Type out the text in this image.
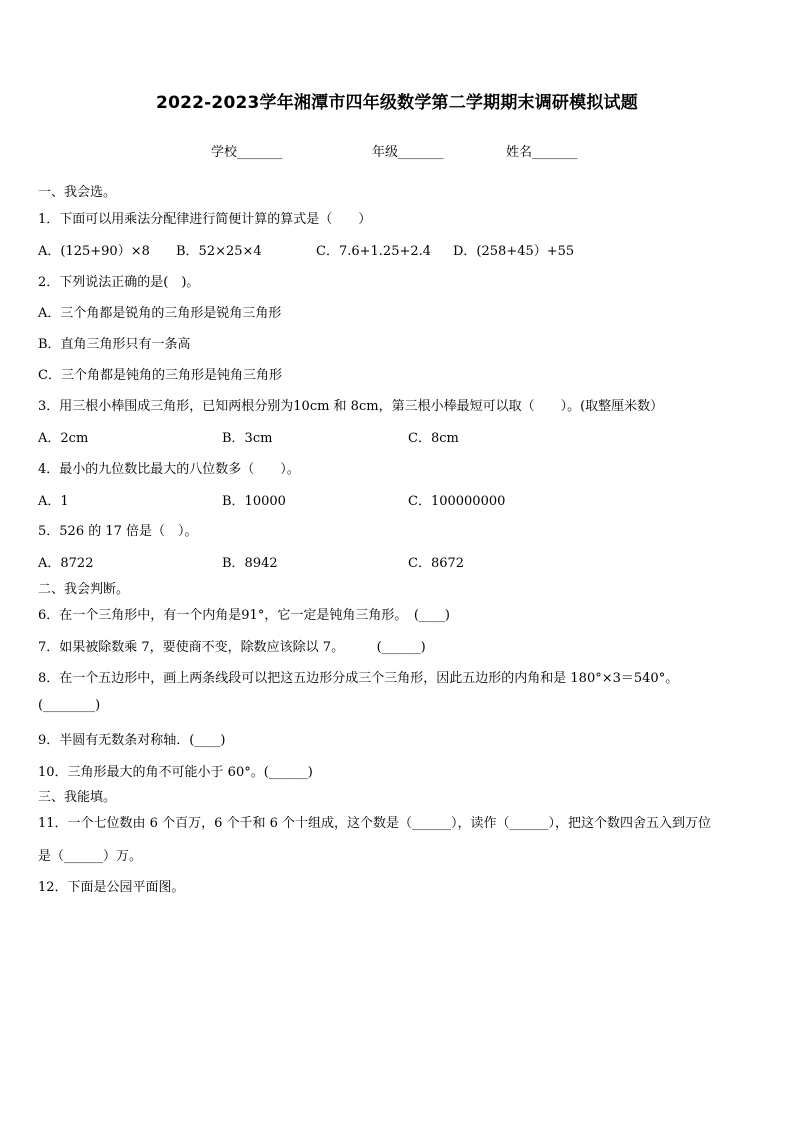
2022-2023学年湘潭市四年级数学第二学期期末调研模拟试题
学校_______	年级_______	姓名_______
一、我会选。
1．下面可以用乘法分配律进行简便计算的算式是（　　）
A．(125+90）×8 B．52×25×4	C．7.6+1.25+2.4 D．(258+45）+55
2．下列说法正确的是(　)。
A．三个角都是锐角的三角形是锐角三角形
B．直角三角形只有一条高
C．三个角都是钝角的三角形是钝角三角形
3．用三根小棒围成三角形，已知两根分别为10cm 和 8cm，第三根小棒最短可以取（　　）。(取整厘米数）
A．2cm	B．3cm	C．8cm
4．最小的九位数比最大的八位数多（　　）。
A．1	B．10000	C．100000000
5．526 的 17 倍是（　）。
A．8722	B．8942	C．8672
二、我会判断。
6．在一个三角形中，有一个内角是91°，它一定是钝角三角形。　(____)
7．如果被除数乘 7，要使商不变，除数应该除以 7。　　　(______)
8．在一个五边形中，画上两条线段可以把这五边形分成三个三角形，因此五边形的内角和是 180°×3＝540°。
(________)
9．半圆有无数条对称轴．(____)
10．三角形最大的角不可能小于 60°。(______)
三、我能填。
11．一个七位数由 6 个百万，6 个千和 6 个十组成，这个数是（______），读作（______），把这个数四舍五入到万位
是（______）万。
12．下面是公园平面图。
